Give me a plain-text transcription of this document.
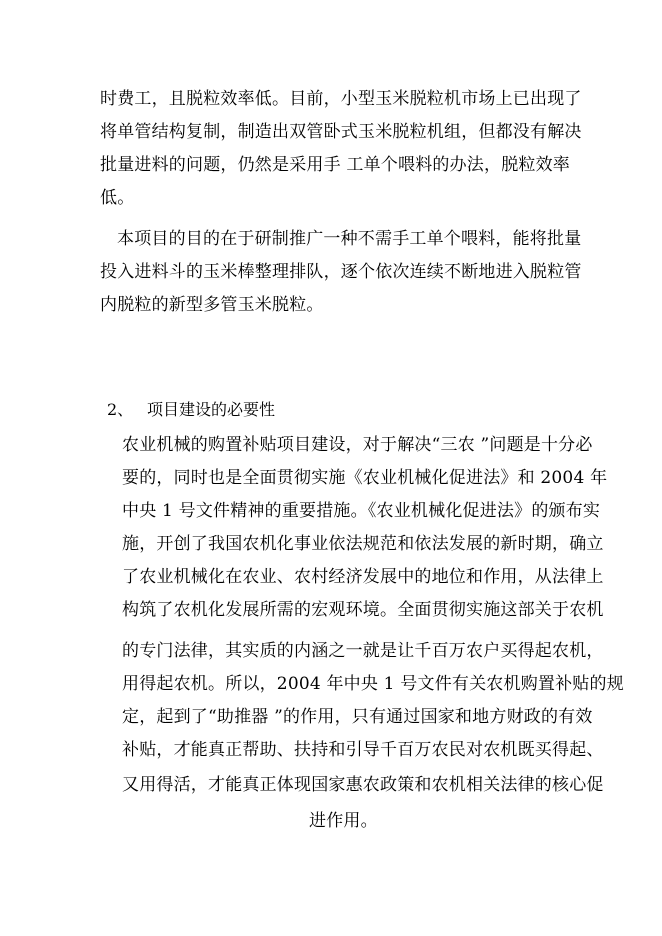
时费工，且脱粒效率低。目前，小型玉米脱粒机市场上已出现了
将单管结构复制，制造出双管卧式玉米脱粒机组，但都没有解决
批量进料的问题，仍然是采用手 工单个喂料的办法，脱粒效率
低。
本项目的目的在于研制推广一种不需手工单个喂料，能将批量
投入进料斗的玉米棒整理排队，逐个依次连续不断地进入脱粒管
内脱粒的新型多管玉米脱粒。
2、 项目建设的必要性
农业机械的购置补贴项目建设，对于解决“三农 ”问题是十分必
要的，同时也是全面贯彻实施《农业机械化促进法》和 2004 年
中央 1 号文件精神的重要措施。《农业机械化促进法》的颁布实
施，开创了我国农机化事业依法规范和依法发展的新时期，确立
了农业机械化在农业、农村经济发展中的地位和作用，从法律上
构筑了农机化发展所需的宏观环境。全面贯彻实施这部关于农机
的专门法律，其实质的内涵之一就是让千百万农户买得起农机，
用得起农机。所以，2004 年中央 1 号文件有关农机购置补贴的规
定，起到了“助推器 ”的作用，只有通过国家和地方财政的有效
补贴，才能真正帮助、扶持和引导千百万农民对农机既买得起、
又用得活，才能真正体现国家惠农政策和农机相关法律的核心促
进作用。
